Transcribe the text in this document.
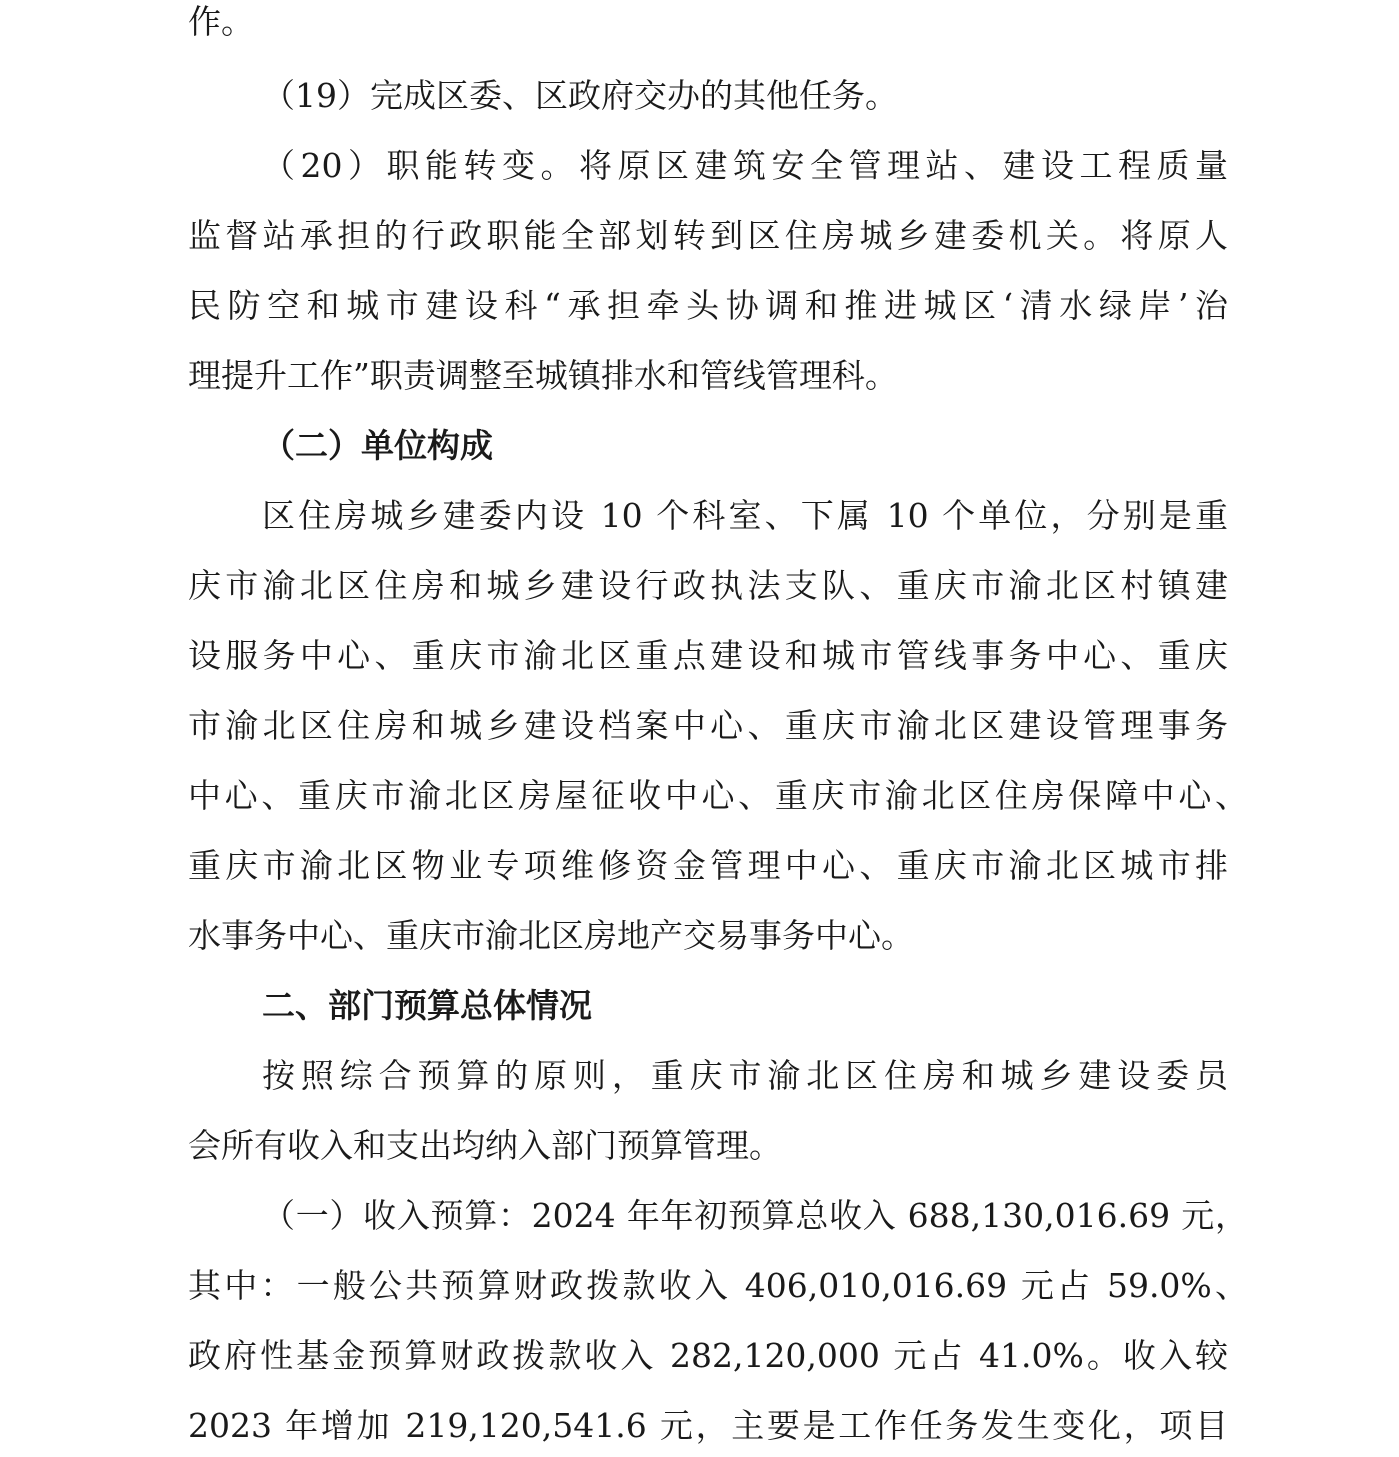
作。
（19）完成区委、区政府交办的其他任务。
（20）职能转变。将原区建筑安全管理站、建设工程质量
监督站承担的行政职能全部划转到区住房城乡建委机关。将原人
民防空和城市建设科“承担牵头协调和推进城区‘清水绿岸’治
理提升工作”职责调整至城镇排水和管线管理科。
（二）单位构成
区住房城乡建委内设 10 个科室、下属 10 个单位，分别是重
庆市渝北区住房和城乡建设行政执法支队、重庆市渝北区村镇建
设服务中心、重庆市渝北区重点建设和城市管线事务中心、重庆
市渝北区住房和城乡建设档案中心、重庆市渝北区建设管理事务
中心、重庆市渝北区房屋征收中心、重庆市渝北区住房保障中心、
重庆市渝北区物业专项维修资金管理中心、重庆市渝北区城市排
水事务中心、重庆市渝北区房地产交易事务中心。
二、部门预算总体情况
按照综合预算的原则，重庆市渝北区住房和城乡建设委员
会所有收入和支出均纳入部门预算管理。
（一）收入预算：2024 年年初预算总收入 688,130,016.69 元，
其中：一般公共预算财政拨款收入 406,010,016.69 元占 59.0%、
政府性基金预算财政拨款收入 282,120,000 元占 41.0%。收入较
2023 年增加 219,120,541.6 元，主要是工作任务发生变化，项目
